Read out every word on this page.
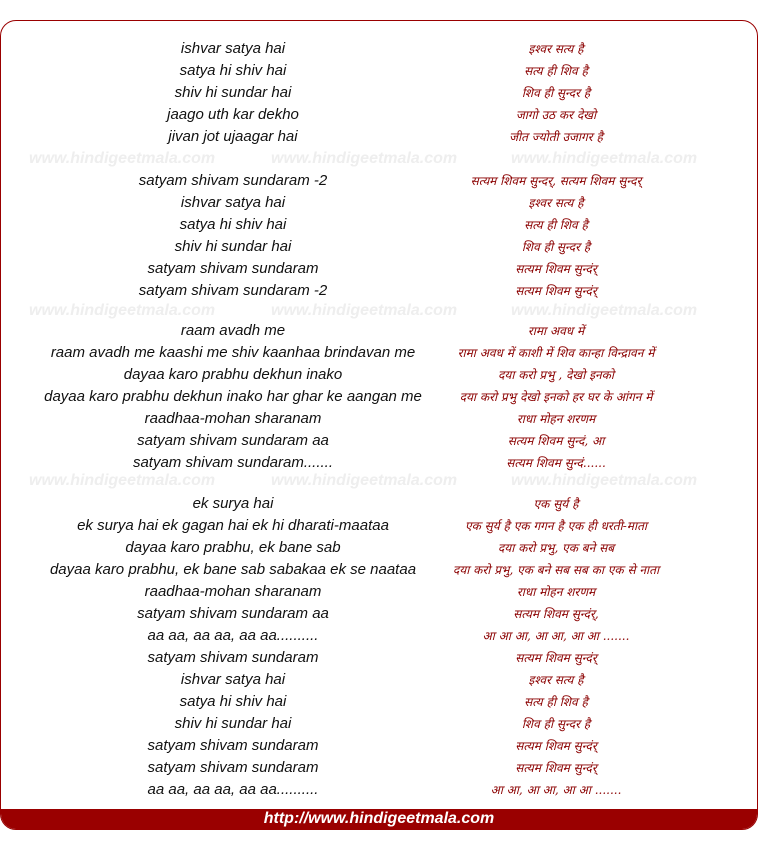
www.hindigeetmala.com	www.hindigeetmala.com	www.hindigeetmala.com
www.hindigeetmala.com	www.hindigeetmala.com	www.hindigeetmala.com
www.hindigeetmala.com	www.hindigeetmala.com	www.hindigeetmala.com
ishvar satya hai	इश्वर सत्य है
satya hi shiv hai	सत्य ही शिव है
shiv hi sundar hai	शिव ही सुन्दर है
jaago uth kar dekho	जागो उठ कर देखो
jivan jot ujaagar hai	जीत ज्योती उजागर है
satyam shivam sundaram -2	सत्यम शिवम सुन्दर्, सत्यम शिवम सुन्दर्
ishvar satya hai	इश्वर सत्य है
satya hi shiv hai	सत्य ही शिव है
shiv hi sundar hai	शिव ही सुन्दर है
satyam shivam sundaram	सत्यम शिवम सुन्दंर्
satyam shivam sundaram -2	सत्यम शिवम सुन्दंर्
raam avadh me	रामा अवध में
raam avadh me kaashi me shiv kaanhaa brindavan me	रामा अवध में काशी में शिव कान्हा विन्द्रावन में
dayaa karo prabhu dekhun inako	दया करो प्रभु , देखो इनको
dayaa karo prabhu dekhun inako har ghar ke aangan me	दया करो प्रभु देखो इनको हर घर के आंगन में
raadhaa-mohan sharanam	राधा मोहन शरणम
satyam shivam sundaram aa	सत्यम शिवम सुन्दं, आ
satyam shivam sundaram.......	सत्यम शिवम सुन्दं......
ek surya hai	एक सुर्य है
ek surya hai ek gagan hai ek hi dharati-maataa	एक सुर्य है एक गगन है एक ही धरती-माता
dayaa karo prabhu, ek bane sab	दया करो प्रभु, एक बने सब
dayaa karo prabhu, ek bane sab sabakaa ek se naataa	दया करो प्रभु, एक बने सब सब का एक से नाता
raadhaa-mohan sharanam	राधा मोहन शरणम
satyam shivam sundaram aa	सत्यम शिवम सुन्दंर्,
aa aa, aa aa, aa aa..........	आ आ आ, आ आ, आ आ .......
satyam shivam sundaram	सत्यम शिवम सुन्दंर्
ishvar satya hai	इश्वर सत्य है
satya hi shiv hai	सत्य ही शिव है
shiv hi sundar hai	शिव ही सुन्दर है
satyam shivam sundaram	सत्यम शिवम सुन्दंर्
satyam shivam sundaram	सत्यम शिवम सुन्दंर्
aa aa, aa aa, aa aa..........	आ आ, आ आ, आ आ .......
http://www.hindigeetmala.com
